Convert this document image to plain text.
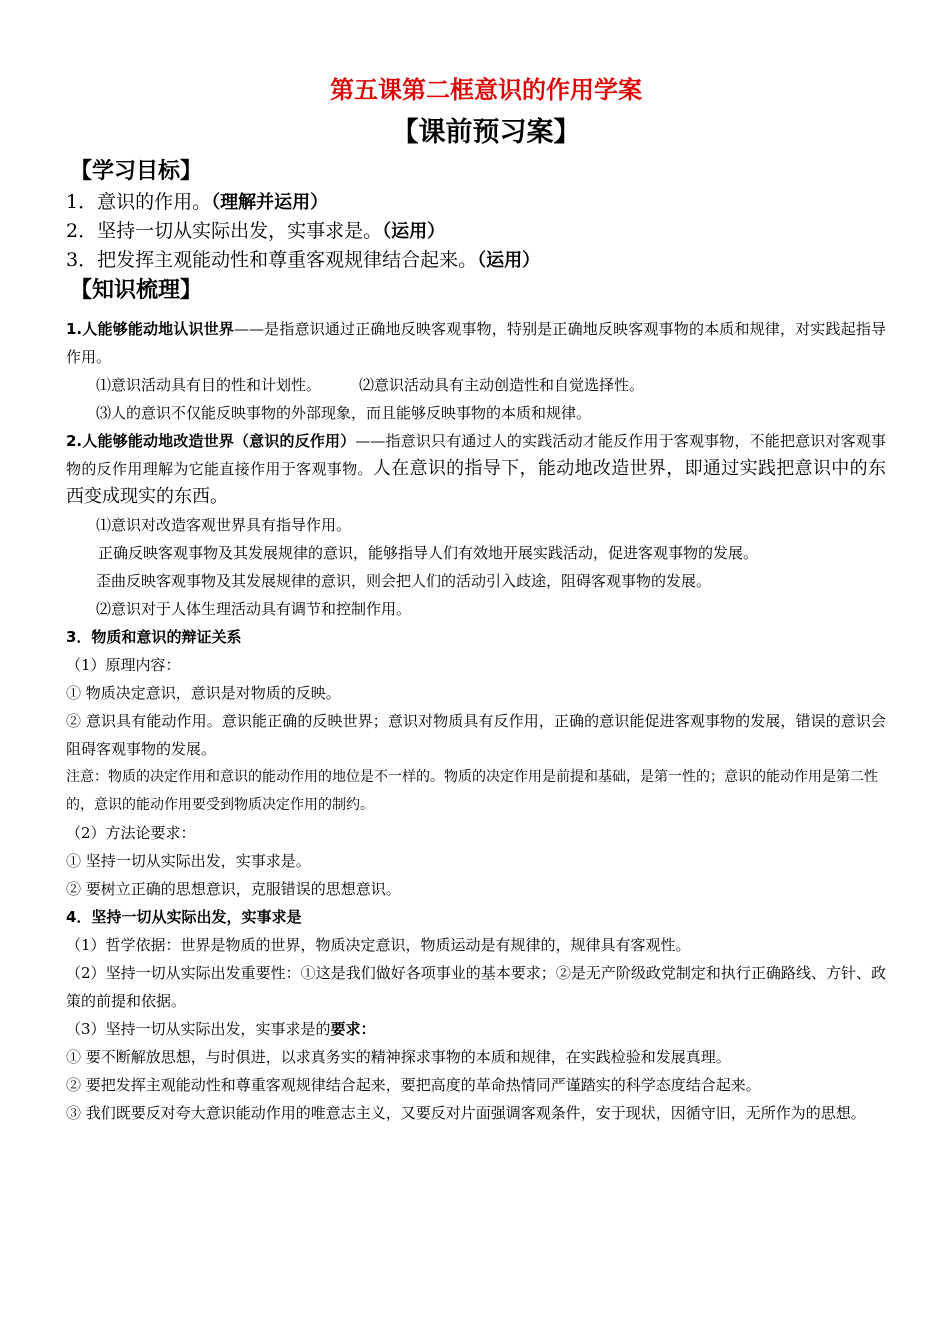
第五课第二框意识的作用学案
【课前预习案】
【学习目标】
1．意识的作用。（理解并运用）
2．坚持一切从实际出发，实事求是。（运用）
3．把发挥主观能动性和尊重客观规律结合起来。（运用）
【知识梳理】
1.人能够能动地认识世界——是指意识通过正确地反映客观事物，特别是正确地反映客观事物的本质和规律，对实践起指导作用。
⑴意识活动具有目的性和计划性。	⑵意识活动具有主动创造性和自觉选择性。
⑶人的意识不仅能反映事物的外部现象，而且能够反映事物的本质和规律。
2.人能够能动地改造世界（意识的反作用）——指意识只有通过人的实践活动才能反作用于客观事物，不能把意识对客观事物的反作用理解为它能直接作用于客观事物。人在意识的指导下，能动地改造世界，即通过实践把意识中的东西变成现实的东西。
⑴意识对改造客观世界具有指导作用。
正确反映客观事物及其发展规律的意识，能够指导人们有效地开展实践活动，促进客观事物的发展。
歪曲反映客观事物及其发展规律的意识，则会把人们的活动引入歧途，阻碍客观事物的发展。
⑵意识对于人体生理活动具有调节和控制作用。
3．物质和意识的辩证关系
（1）原理内容：
① 物质决定意识，意识是对物质的反映。
② 意识具有能动作用。意识能正确的反映世界；意识对物质具有反作用，正确的意识能促进客观事物的发展，错误的意识会阻碍客观事物的发展。
注意：物质的决定作用和意识的能动作用的地位是不一样的。物质的决定作用是前提和基础，是第一性的；意识的能动作用是第二性的，意识的能动作用要受到物质决定作用的制约。
（2）方法论要求：
① 坚持一切从实际出发，实事求是。
② 要树立正确的思想意识，克服错误的思想意识。
4．坚持一切从实际出发，实事求是
（1）哲学依据：世界是物质的世界，物质决定意识，物质运动是有规律的，规律具有客观性。
（2）坚持一切从实际出发重要性：①这是我们做好各项事业的基本要求；②是无产阶级政党制定和执行正确路线、方针、政策的前提和依据。
（3）坚持一切从实际出发，实事求是的要求：
① 要不断解放思想，与时俱进，以求真务实的精神探求事物的本质和规律，在实践检验和发展真理。
② 要把发挥主观能动性和尊重客观规律结合起来，要把高度的革命热情同严谨踏实的科学态度结合起来。
③ 我们既要反对夸大意识能动作用的唯意志主义，又要反对片面强调客观条件，安于现状，因循守旧，无所作为的思想。
